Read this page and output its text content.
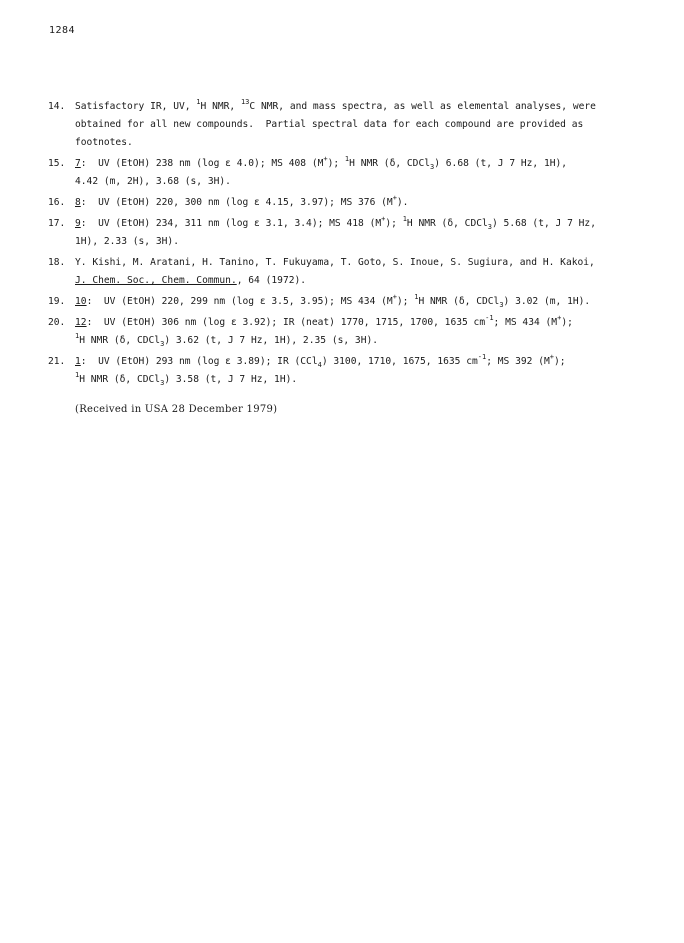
1284
14.	Satisfactory IR, UV, $^1$H NMR, $^{13}$C NMR, and mass spectra, as well as elemental analyses, were
obtained for all new compounds.  Partial spectral data for each compound are provided as
footnotes.
15.	7:  UV (EtOH) 238 nm (log ε 4.0); MS 408 (M+); $^1$H NMR (δ, CDCl$_3$) 6.68 (t, J 7 Hz, 1H),
4.42 (m, 2H), 3.68 (s, 3H).
16.	8:  UV (EtOH) 220, 300 nm (log ε 4.15, 3.97); MS 376 (M+).
17.	9:  UV (EtOH) 234, 311 nm (log ε 3.1, 3.4); MS 418 (M+); $^1$H NMR (δ, CDCl$_3$) 5.68 (t, J 7 Hz,
1H), 2.33 (s, 3H).
18.	Y. Kishi, M. Aratani, H. Tanino, T. Fukuyama, T. Goto, S. Inoue, S. Sugiura, and H. Kakoi,
J. Chem. Soc., Chem. Commun., 64 (1972).
19.	10:  UV (EtOH) 220, 299 nm (log ε 3.5, 3.95); MS 434 (M+); $^1$H NMR (δ, CDCl$_3$) 3.02 (m, 1H).
20.	12:  UV (EtOH) 306 nm (log ε 3.92); IR (neat) 1770, 1715, 1700, 1635 $cm^{-1}$; MS 434 (M+);
$^1$H NMR (δ, CDCl$_3$) 3.62 (t, J 7 Hz, 1H), 2.35 (s, 3H).
21.	1:  UV (EtOH) 293 nm (log ε 3.89); IR (CCl$_4$) 3100, 1710, 1675, 1635 $cm^{-1}$; MS 392 (M+);
$^1$H NMR (δ, CDCl$_3$) 3.58 (t, J 7 Hz, 1H).
(Received in USA 28 December 1979)
